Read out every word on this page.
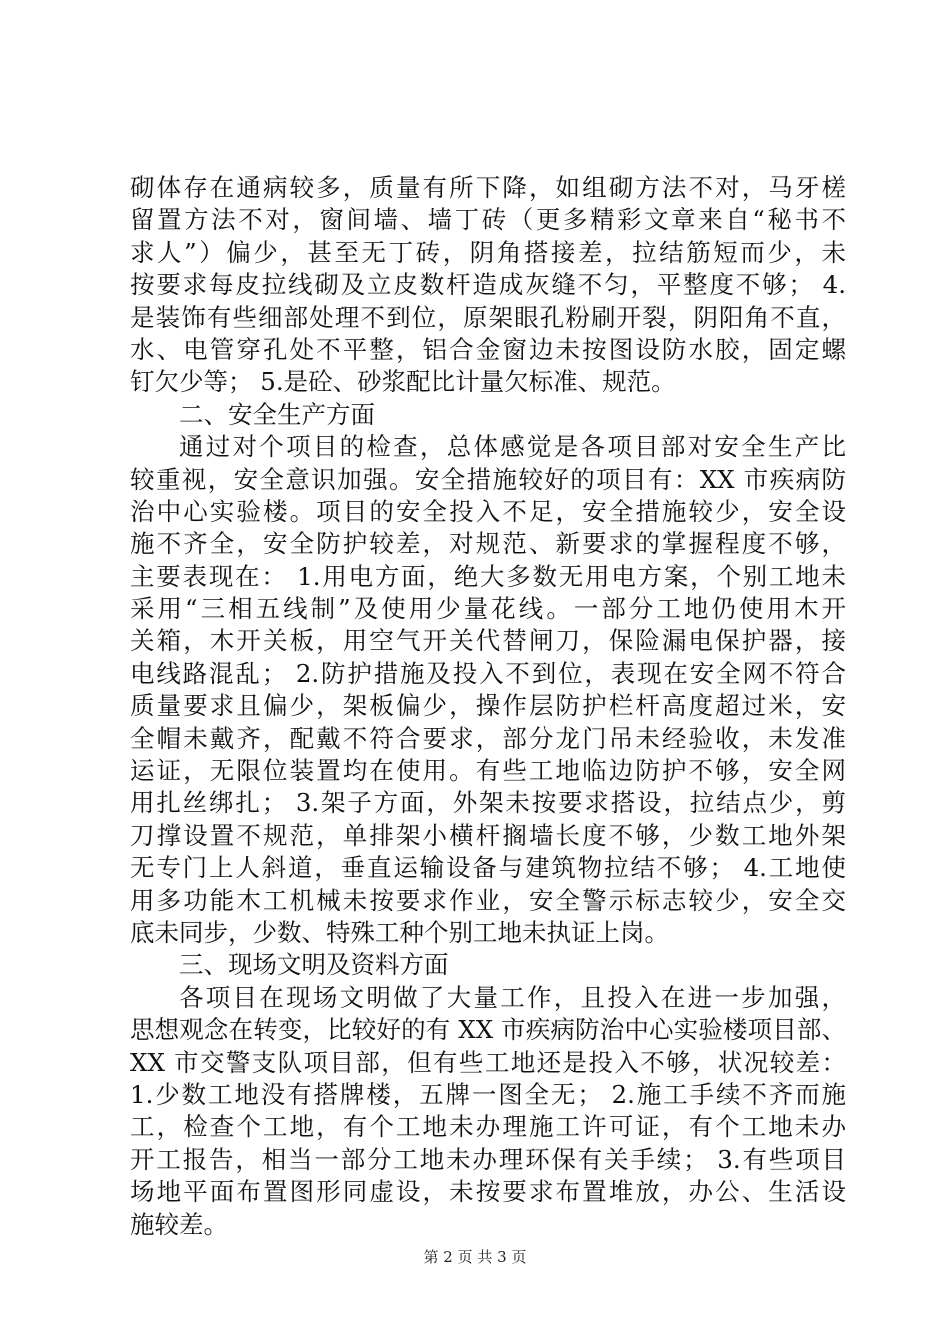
砌体存在通病较多，质量有所下降，如组砌方法不对，马牙槎
留置方法不对，窗间墙、墙丁砖（更多精彩文章来自“秘书不
求人”）偏少，甚至无丁砖，阴角搭接差，拉结筋短而少，未
按要求每皮拉线砌及立皮数杆造成灰缝不匀，平整度不够； 4.
是装饰有些细部处理不到位，原架眼孔粉刷开裂，阴阳角不直，
水、电管穿孔处不平整，铝合金窗边未按图设防水胶，固定螺
钉欠少等； 5.是砼、砂浆配比计量欠标准、规范。
二、安全生产方面
通过对个项目的检查，总体感觉是各项目部对安全生产比
较重视，安全意识加强。安全措施较好的项目有：XX 市疾病防
治中心实验楼。项目的安全投入不足，安全措施较少，安全设
施不齐全，安全防护较差，对规范、新要求的掌握程度不够，
主要表现在： 1.用电方面，绝大多数无用电方案，个别工地未
采用“三相五线制”及使用少量花线。一部分工地仍使用木开
关箱，木开关板，用空气开关代替闸刀，保险漏电保护器，接
电线路混乱； 2.防护措施及投入不到位，表现在安全网不符合
质量要求且偏少，架板偏少，操作层防护栏杆高度超过米，安
全帽未戴齐，配戴不符合要求，部分龙门吊未经验收，未发准
运证，无限位装置均在使用。有些工地临边防护不够，安全网
用扎丝绑扎； 3.架子方面，外架未按要求搭设，拉结点少，剪
刀撑设置不规范，单排架小横杆搁墙长度不够，少数工地外架
无专门上人斜道，垂直运输设备与建筑物拉结不够； 4.工地使
用多功能木工机械未按要求作业，安全警示标志较少，安全交
底未同步，少数、特殊工种个别工地未执证上岗。
三、现场文明及资料方面
各项目在现场文明做了大量工作，且投入在进一步加强，
思想观念在转变，比较好的有 XX 市疾病防治中心实验楼项目部、
XX 市交警支队项目部，但有些工地还是投入不够，状况较差：
1.少数工地没有搭牌楼，五牌一图全无； 2.施工手续不齐而施
工，检查个工地，有个工地未办理施工许可证，有个工地未办
开工报告，相当一部分工地未办理环保有关手续； 3.有些项目
场地平面布置图形同虚设，未按要求布置堆放，办公、生活设
施较差。
第 2 页 共 3 页
